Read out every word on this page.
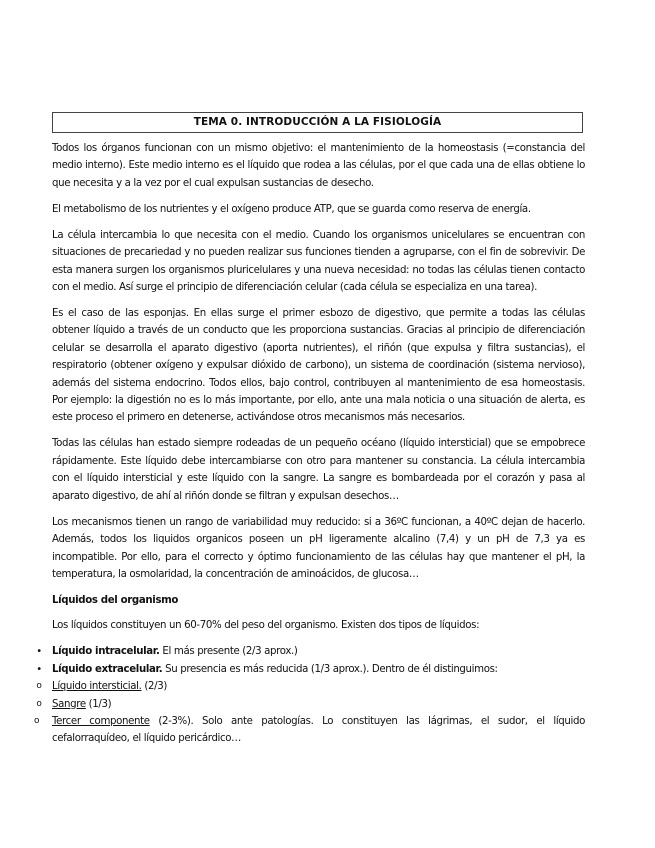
TEMA 0. INTRODUCCIÓN A LA FISIOLOGÍA

Todos los órganos funcionan con un mismo objetivo: el mantenimiento de la homeostasis (=constancia del medio interno). Este medio interno es el líquido que rodea a las células, por el que cada una de ellas obtiene lo que necesita y a la vez por el cual expulsan sustancias de desecho.

El metabolismo de los nutrientes y el oxígeno produce ATP, que se guarda como reserva de energía.

La célula intercambia lo que necesita con el medio. Cuando los organismos unicelulares se encuentran con situaciones de precariedad y no pueden realizar sus funciones tienden a agruparse, con el fin de sobrevivir. De esta manera surgen los organismos pluricelulares y una nueva necesidad: no todas las células tienen contacto con el medio. Así surge el principio de diferenciación celular (cada célula se especializa en una tarea).

Es el caso de las esponjas. En ellas surge el primer esbozo de digestivo, que permite a todas las células obtener líquido a través de un conducto que les proporciona sustancias. Gracias al principio de diferenciación celular se desarrolla el aparato digestivo (aporta nutrientes), el riñón (que expulsa y filtra sustancias), el respiratorio (obtener oxígeno y expulsar dióxido de carbono), un sistema de coordinación (sistema nervioso), además del sistema endocrino. Todos ellos, bajo control, contribuyen al mantenimiento de esa homeostasis. Por ejemplo: la digestión no es lo más importante, por ello, ante una mala noticia o una situación de alerta, es este proceso el primero en detenerse, activándose otros mecanismos más necesarios.

Todas las células han estado siempre rodeadas de un pequeño océano (líquido intersticial) que se empobrece rápidamente. Este líquido debe intercambiarse con otro para mantener su constancia. La célula intercambia con el líquido intersticial y este líquido con la sangre. La sangre es bombardeada por el corazón y pasa al aparato digestivo, de ahí al riñón donde se filtran y expulsan desechos…

Los mecanismos tienen un rango de variabilidad muy reducido: si a 36ºC funcionan, a 40ºC dejan de hacerlo. Además, todos los liquidos organicos poseen un pH ligeramente alcalino (7,4) y un pH de 7,3 ya es incompatible. Por ello, para el correcto y óptimo funcionamiento de las células hay que mantener el pH, la temperatura, la osmolaridad, la concentración de aminoácidos, de glucosa…

Líquidos del organismo

Los líquidos constituyen un 60-70% del peso del organismo. Existen dos tipos de líquidos:

• Líquido intracelular. El más presente (2/3 aprox.)
• Líquido extracelular. Su presencia es más reducida (1/3 aprox.). Dentro de él distinguimos:
o Líquido intersticial. (2/3)
o Sangre (1/3)
o	Tercer componente (2-3%). Solo ante patologías. Lo constituyen las lágrimas, el sudor, el líquido cefalorraquídeo, el líquido pericárdico…
